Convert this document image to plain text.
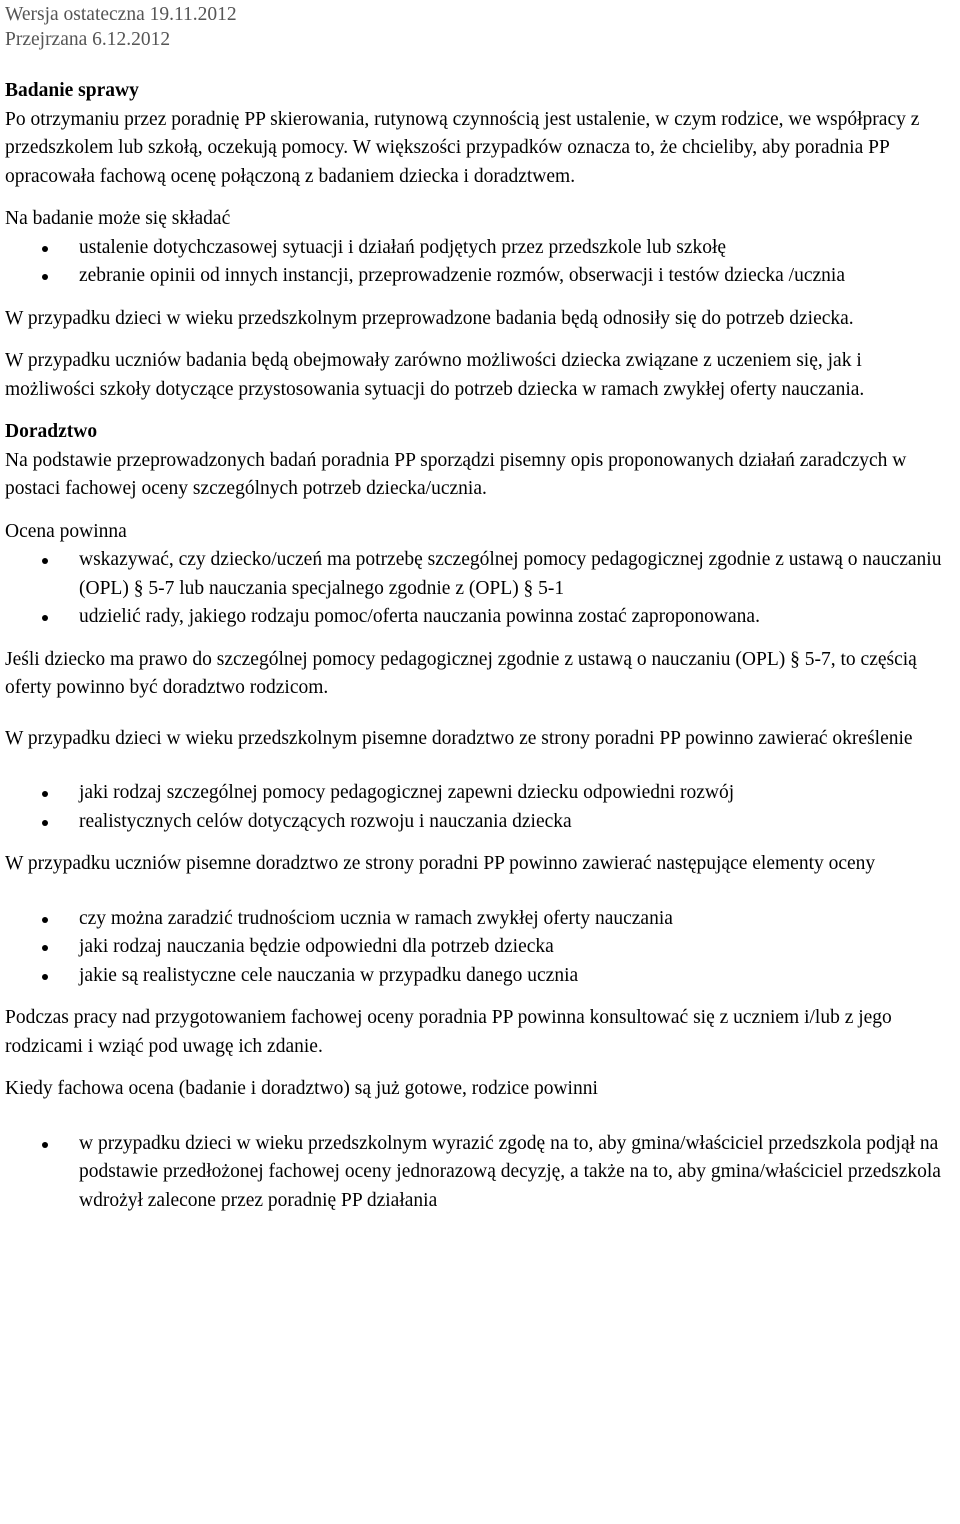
Wersja ostateczna 19.11.2012

Przejrzana 6.12.2012

Badanie sprawy

Po otrzymaniu przez poradnię PP skierowania, rutynową czynnością jest ustalenie, w czym rodzice, we współpracy z przedszkolem lub szkołą, oczekują pomocy. W większości przypadków oznacza to, że chcieliby, aby poradnia PP opracowała fachową ocenę połączoną z badaniem dziecka i doradztwem.

Na badanie może się składać

ustalenie dotychczasowej sytuacji i działań podjętych przez przedszkole lub szkołę
zebranie opinii od innych instancji, przeprowadzenie rozmów, obserwacji i testów dziecka /ucznia

W przypadku dzieci w wieku przedszkolnym przeprowadzone badania będą odnosiły się do potrzeb dziecka.

W przypadku uczniów badania będą obejmowały zarówno możliwości dziecka związane z uczeniem się, jak i możliwości szkoły dotyczące przystosowania sytuacji do potrzeb dziecka w ramach zwykłej oferty nauczania.

Doradztwo

Na podstawie przeprowadzonych badań poradnia PP sporządzi pisemny opis proponowanych działań zaradczych w postaci fachowej oceny szczególnych potrzeb dziecka/ucznia.

Ocena powinna

wskazywać, czy dziecko/uczeń ma potrzebę szczególnej pomocy pedagogicznej zgodnie z ustawą o nauczaniu (OPL) § 5-7 lub nauczania specjalnego zgodnie z (OPL) § 5-1
udzielić rady, jakiego rodzaju pomoc/oferta nauczania powinna zostać zaproponowana.

Jeśli dziecko ma prawo do szczególnej pomocy pedagogicznej zgodnie z ustawą o nauczaniu (OPL) § 5-7, to częścią oferty powinno być doradztwo rodzicom.

W przypadku dzieci w wieku przedszkolnym pisemne doradztwo ze strony poradni PP powinno zawierać określenie

jaki rodzaj szczególnej pomocy pedagogicznej zapewni dziecku odpowiedni rozwój
realistycznych celów dotyczących rozwoju i nauczania dziecka

W przypadku uczniów pisemne doradztwo ze strony poradni PP powinno zawierać następujące elementy oceny

czy można zaradzić trudnościom ucznia w ramach zwykłej oferty nauczania
jaki rodzaj nauczania będzie odpowiedni dla potrzeb dziecka
jakie są realistyczne cele nauczania w przypadku danego ucznia

Podczas pracy nad przygotowaniem fachowej oceny poradnia PP powinna konsultować się z uczniem i/lub z jego rodzicami i wziąć pod uwagę ich zdanie.

Kiedy fachowa ocena (badanie i doradztwo) są już gotowe, rodzice powinni

w przypadku dzieci w wieku przedszkolnym wyrazić zgodę na to, aby gmina/właściciel przedszkola podjął na podstawie przedłożonej fachowej oceny jednorazową decyzję, a także na to, aby gmina/właściciel przedszkola wdrożył zalecone przez poradnię PP działania
